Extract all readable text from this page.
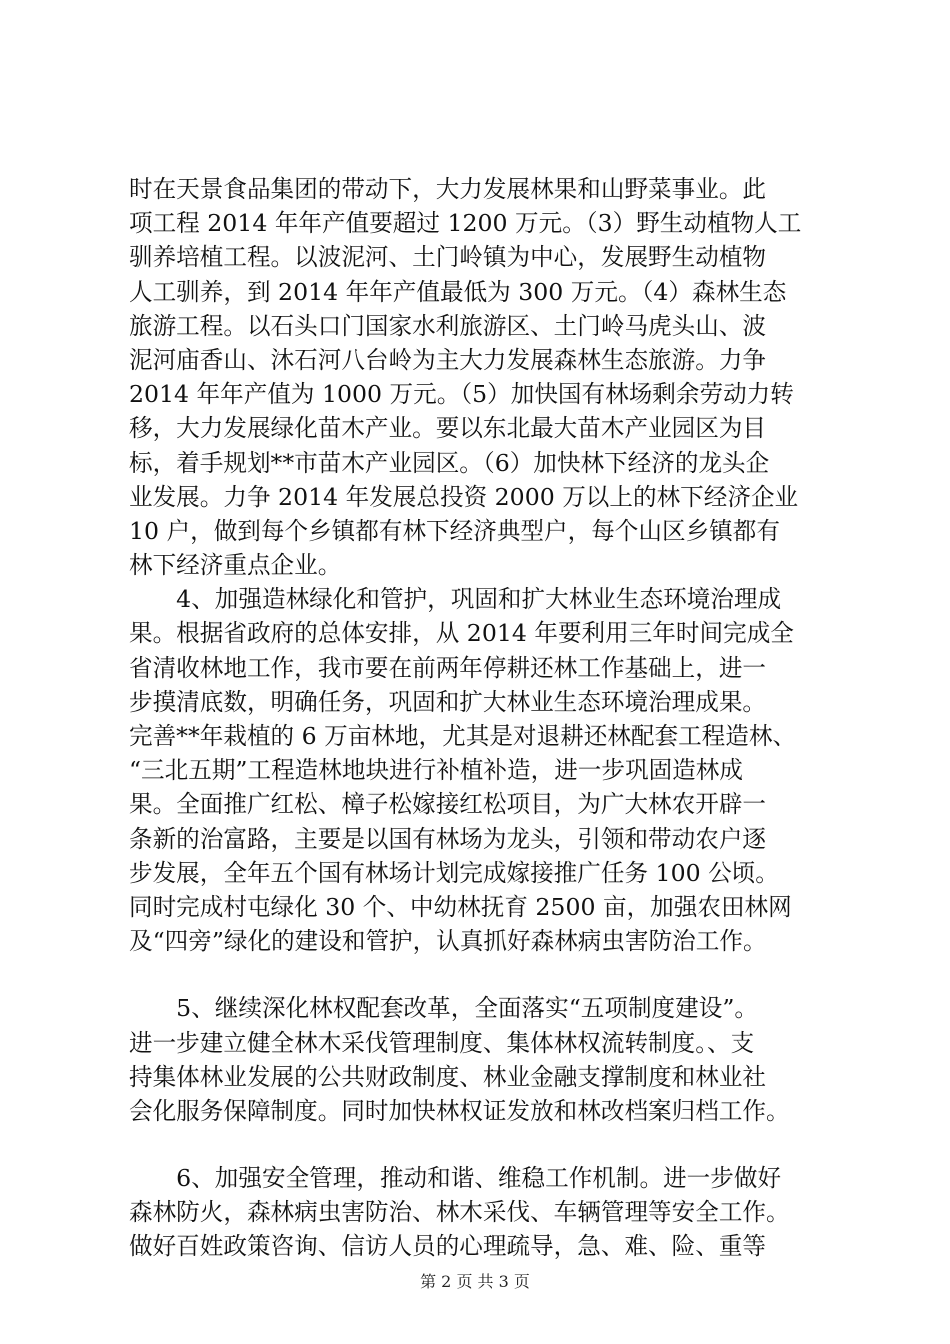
时在天景食品集团的带动下，大力发展林果和山野菜事业。此
项工程 2014 年年产值要超过 1200 万元。（3）野生动植物人工
驯养培植工程。以波泥河、土门岭镇为中心，发展野生动植物
人工驯养，到 2014 年年产值最低为 300 万元。（4）森林生态
旅游工程。以石头口门国家水利旅游区、土门岭马虎头山、波
泥河庙香山、沐石河八台岭为主大力发展森林生态旅游。力争
2014 年年产值为 1000 万元。（5）加快国有林场剩余劳动力转
移，大力发展绿化苗木产业。要以东北最大苗木产业园区为目
标，着手规划**市苗木产业园区。（6）加快林下经济的龙头企
业发展。力争 2014 年发展总投资 2000 万以上的林下经济企业
10 户，做到每个乡镇都有林下经济典型户，每个山区乡镇都有
林下经济重点企业。
　　4、加强造林绿化和管护，巩固和扩大林业生态环境治理成
果。根据省政府的总体安排，从 2014 年要利用三年时间完成全
省清收林地工作，我市要在前两年停耕还林工作基础上，进一
步摸清底数，明确任务，巩固和扩大林业生态环境治理成果。
完善**年栽植的 6 万亩林地，尤其是对退耕还林配套工程造林、
“三北五期”工程造林地块进行补植补造，进一步巩固造林成
果。全面推广红松、樟子松嫁接红松项目，为广大林农开辟一
条新的治富路，主要是以国有林场为龙头，引领和带动农户逐
步发展，全年五个国有林场计划完成嫁接推广任务 100 公顷。
同时完成村屯绿化 30 个、中幼林抚育 2500 亩，加强农田林网
及“四旁”绿化的建设和管护，认真抓好森林病虫害防治工作。
　　5、继续深化林权配套改革，全面落实“五项制度建设”。
进一步建立健全林木采伐管理制度、集体林权流转制度。、支
持集体林业发展的公共财政制度、林业金融支撑制度和林业社
会化服务保障制度。同时加快林权证发放和林改档案归档工作。
　　6、加强安全管理，推动和谐、维稳工作机制。进一步做好
森林防火，森林病虫害防治、林木采伐、车辆管理等安全工作。
做好百姓政策咨询、信访人员的心理疏导，急、难、险、重等
第 2 页 共 3 页
